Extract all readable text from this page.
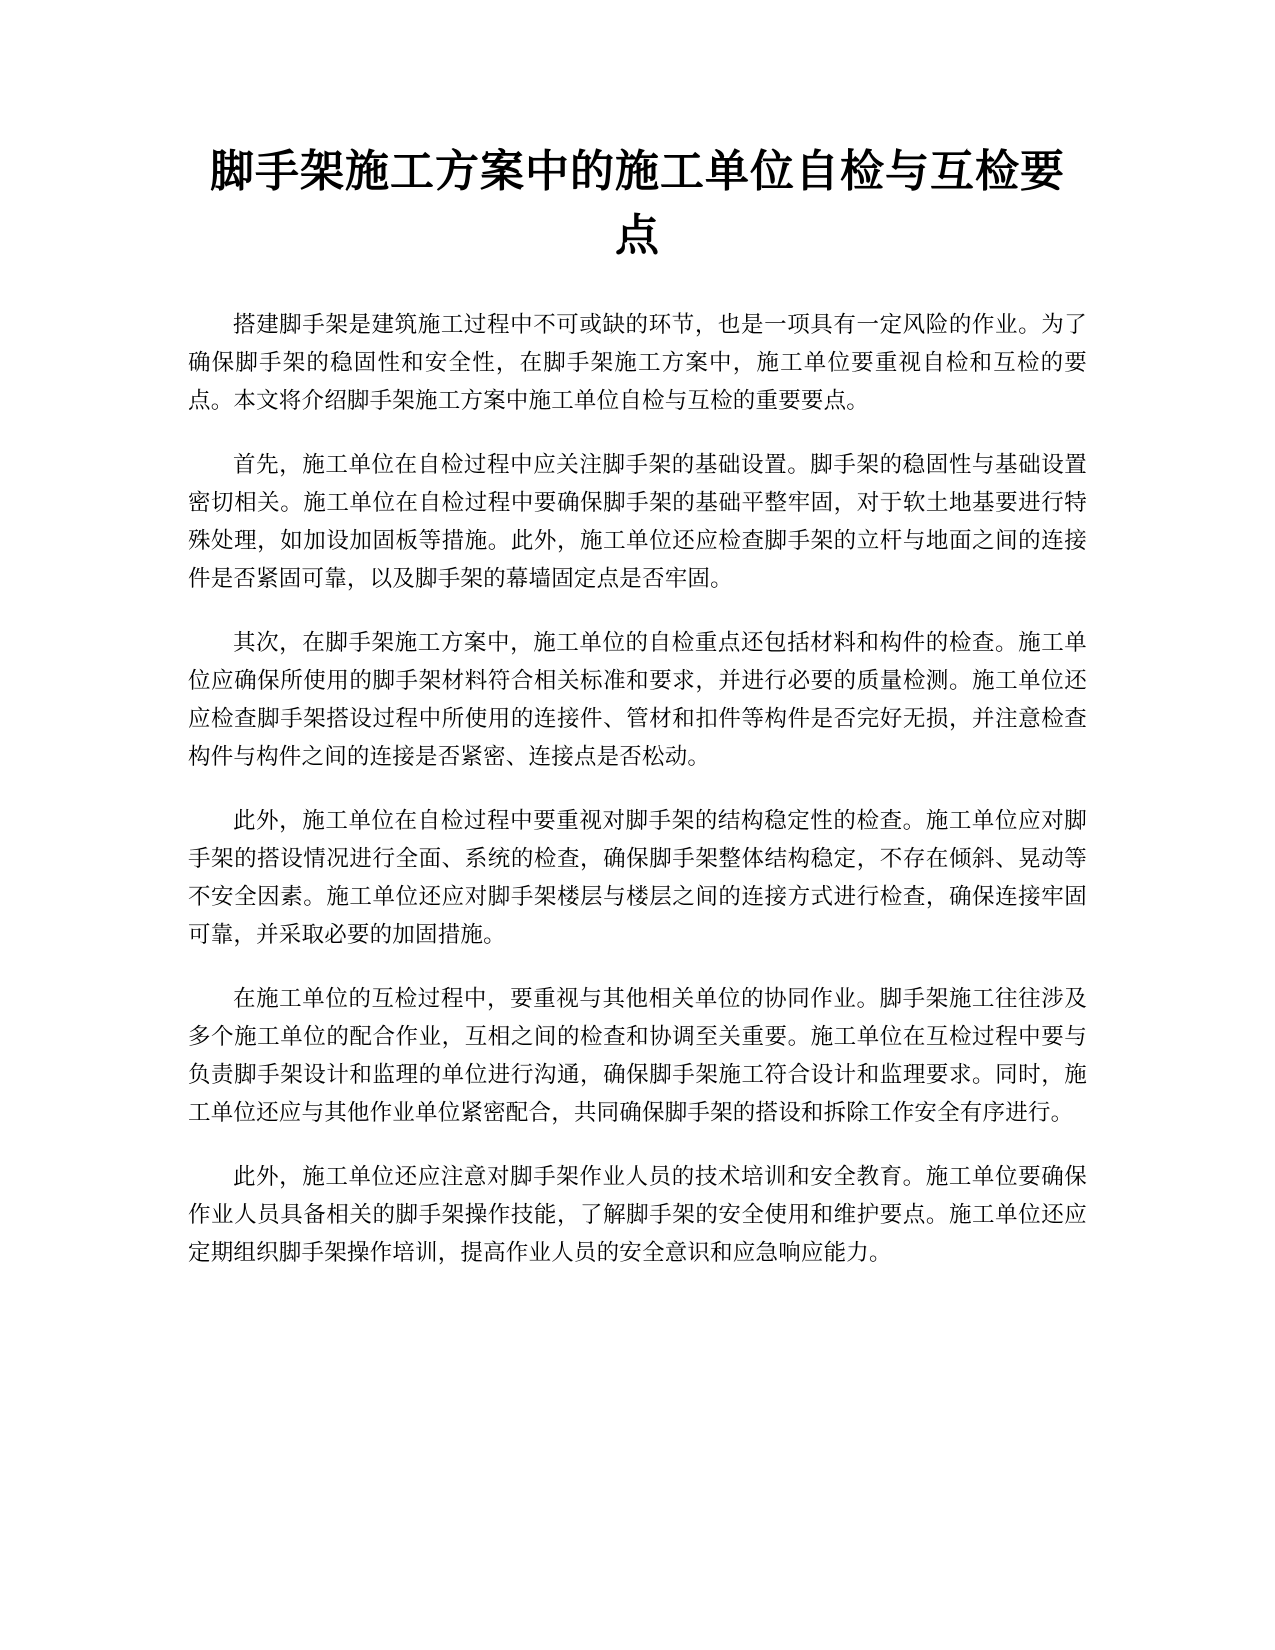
脚手架施工方案中的施工单位自检与互检要点

搭建脚手架是建筑施工过程中不可或缺的环节，也是一项具有一定风险的作业。为了确保脚手架的稳固性和安全性，在脚手架施工方案中，施工单位要重视自检和互检的要点。本文将介绍脚手架施工方案中施工单位自检与互检的重要要点。

首先，施工单位在自检过程中应关注脚手架的基础设置。脚手架的稳固性与基础设置密切相关。施工单位在自检过程中要确保脚手架的基础平整牢固，对于软土地基要进行特殊处理，如加设加固板等措施。此外，施工单位还应检查脚手架的立杆与地面之间的连接件是否紧固可靠，以及脚手架的幕墙固定点是否牢固。

其次，在脚手架施工方案中，施工单位的自检重点还包括材料和构件的检查。施工单位应确保所使用的脚手架材料符合相关标准和要求，并进行必要的质量检测。施工单位还应检查脚手架搭设过程中所使用的连接件、管材和扣件等构件是否完好无损，并注意检查构件与构件之间的连接是否紧密、连接点是否松动。

此外，施工单位在自检过程中要重视对脚手架的结构稳定性的检查。施工单位应对脚手架的搭设情况进行全面、系统的检查，确保脚手架整体结构稳定，不存在倾斜、晃动等不安全因素。施工单位还应对脚手架楼层与楼层之间的连接方式进行检查，确保连接牢固可靠，并采取必要的加固措施。

在施工单位的互检过程中，要重视与其他相关单位的协同作业。脚手架施工往往涉及多个施工单位的配合作业，互相之间的检查和协调至关重要。施工单位在互检过程中要与负责脚手架设计和监理的单位进行沟通，确保脚手架施工符合设计和监理要求。同时，施工单位还应与其他作业单位紧密配合，共同确保脚手架的搭设和拆除工作安全有序进行。

此外，施工单位还应注意对脚手架作业人员的技术培训和安全教育。施工单位要确保作业人员具备相关的脚手架操作技能，了解脚手架的安全使用和维护要点。施工单位还应定期组织脚手架操作培训，提高作业人员的安全意识和应急响应能力。
